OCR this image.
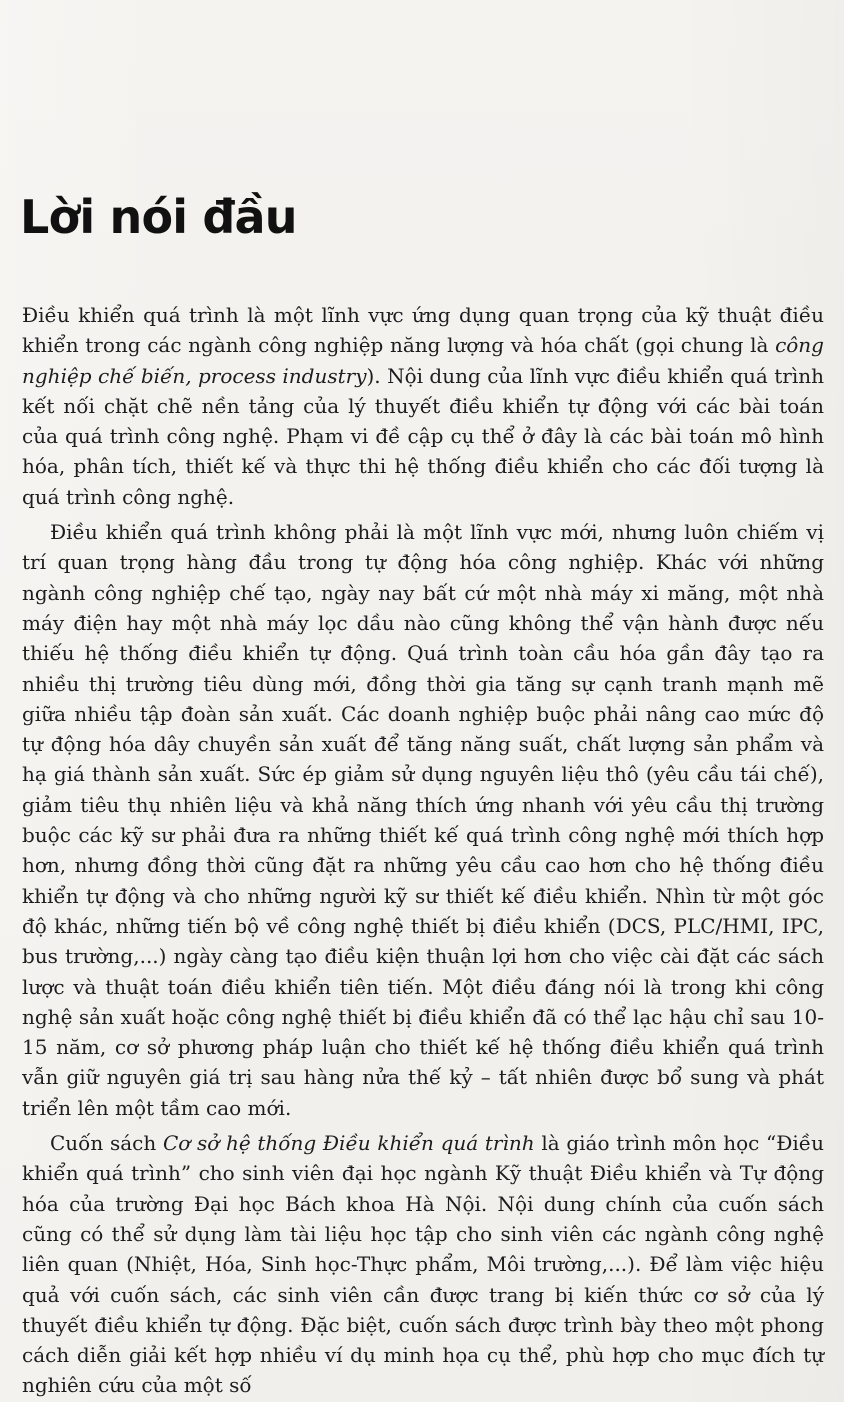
Lời nói đầu

Điều khiển quá trình là một lĩnh vực ứng dụng quan trọng của kỹ thuật điều khiển trong các ngành công nghiệp năng lượng và hóa chất (gọi chung là công nghiệp chế biến, process industry). Nội dung của lĩnh vực điều khiển quá trình kết nối chặt chẽ nền tảng của lý thuyết điều khiển tự động với các bài toán của quá trình công nghệ. Phạm vi đề cập cụ thể ở đây là các bài toán mô hình hóa, phân tích, thiết kế và thực thi hệ thống điều khiển cho các đối tượng là quá trình công nghệ.

Điều khiển quá trình không phải là một lĩnh vực mới, nhưng luôn chiếm vị trí quan trọng hàng đầu trong tự động hóa công nghiệp. Khác với những ngành công nghiệp chế tạo, ngày nay bất cứ một nhà máy xi măng, một nhà máy điện hay một nhà máy lọc dầu nào cũng không thể vận hành được nếu thiếu hệ thống điều khiển tự động. Quá trình toàn cầu hóa gần đây tạo ra nhiều thị trường tiêu dùng mới, đồng thời gia tăng sự cạnh tranh mạnh mẽ giữa nhiều tập đoàn sản xuất. Các doanh nghiệp buộc phải nâng cao mức độ tự động hóa dây chuyền sản xuất để tăng năng suất, chất lượng sản phẩm và hạ giá thành sản xuất. Sức ép giảm sử dụng nguyên liệu thô (yêu cầu tái chế), giảm tiêu thụ nhiên liệu và khả năng thích ứng nhanh với yêu cầu thị trường buộc các kỹ sư phải đưa ra những thiết kế quá trình công nghệ mới thích hợp hơn, nhưng đồng thời cũng đặt ra những yêu cầu cao hơn cho hệ thống điều khiển tự động và cho những người kỹ sư thiết kế điều khiển. Nhìn từ một góc độ khác, những tiến bộ về công nghệ thiết bị điều khiển (DCS, PLC/HMI, IPC, bus trường,...) ngày càng tạo điều kiện thuận lợi hơn cho việc cài đặt các sách lược và thuật toán điều khiển tiên tiến. Một điều đáng nói là trong khi công nghệ sản xuất hoặc công nghệ thiết bị điều khiển đã có thể lạc hậu chỉ sau 10-15 năm, cơ sở phương pháp luận cho thiết kế hệ thống điều khiển quá trình vẫn giữ nguyên giá trị sau hàng nửa thế kỷ – tất nhiên được bổ sung và phát triển lên một tầm cao mới.

Cuốn sách Cơ sở hệ thống Điều khiển quá trình là giáo trình môn học “Điều khiển quá trình” cho sinh viên đại học ngành Kỹ thuật Điều khiển và Tự động hóa của trường Đại học Bách khoa Hà Nội. Nội dung chính của cuốn sách cũng có thể sử dụng làm tài liệu học tập cho sinh viên các ngành công nghệ liên quan (Nhiệt, Hóa, Sinh học-Thực phẩm, Môi trường,...). Để làm việc hiệu quả với cuốn sách, các sinh viên cần được trang bị kiến thức cơ sở của lý thuyết điều khiển tự động. Đặc biệt, cuốn sách được trình bày theo một phong cách diễn giải kết hợp nhiều ví dụ minh họa cụ thể, phù hợp cho mục đích tự nghiên cứu của một số
